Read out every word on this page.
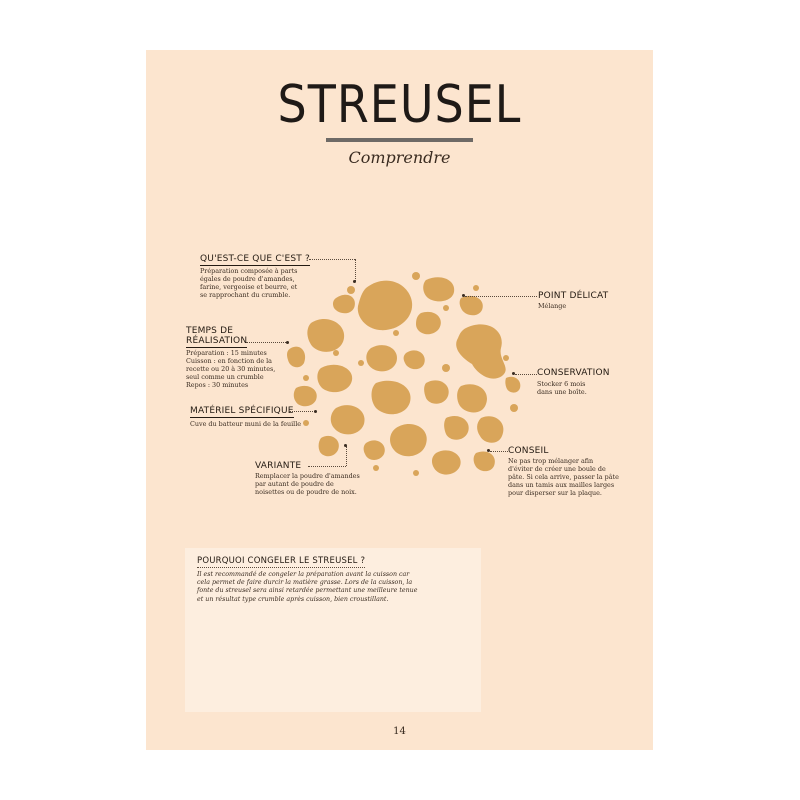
STREUSEL
Comprendre
QU'EST-CE QUE C'EST ?
Préparation composée à parts
égales de poudre d'amandes,
farine, vergeoise et beurre, et
se rapprochant du crumble.
TEMPS DE
RÉALISATION
Préparation : 15 minutes
Cuisson : en fonction de la
recette ou 20 à 30 minutes,
seul comme un crumble
Repos : 30 minutes
MATÉRIEL SPÉCIFIQUE
Cuve du batteur muni de la feuille
VARIANTE
Remplacer la poudre d'amandes
par autant de poudre de
noisettes ou de poudre de noix.
POINT DÉLICAT
Mélange
CONSERVATION
Stocker 6 mois
dans une boîte.
CONSEIL
Ne pas trop mélanger afin
d'éviter de créer une boule de
pâte. Si cela arrive, passer la pâte
dans un tamis aux mailles larges
pour disperser sur la plaque.
POURQUOI CONGELER LE STREUSEL ?
Il est recommandé de congeler la préparation avant la cuisson car
cela permet de faire durcir la matière grasse. Lors de la cuisson, la
fonte du streusel sera ainsi retardée permettant une meilleure tenue
et un résultat type crumble après cuisson, bien croustillant.
14
